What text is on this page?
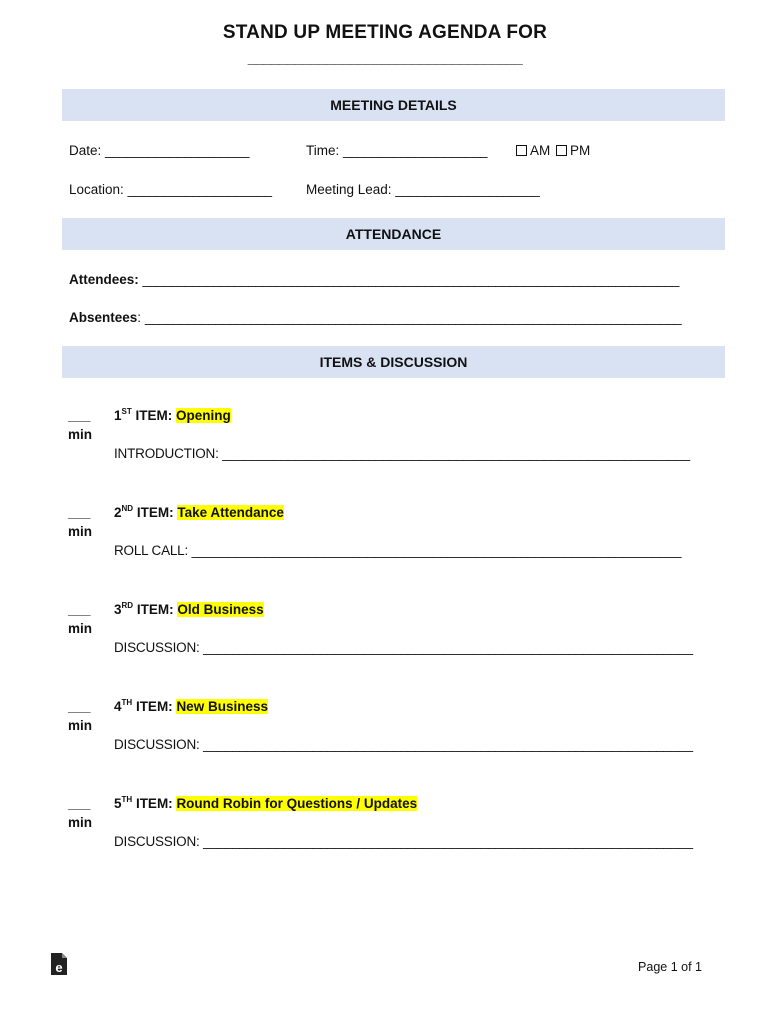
STAND UP MEETING AGENDA FOR
___________________________________
MEETING DETAILS
Date: ____________________	Time: ____________________	AM PM
Location: ____________________	Meeting Lead: ____________________
ATTENDANCE
Attendees: ____________________________________________________________________________
Absentees: ____________________________________________________________________________
ITEMS & DISCUSSION
___
min
1ST ITEM: Opening
INTRODUCTION: ________________________________________________________________
___
min
2ND ITEM: Take Attendance
ROLL CALL: ___________________________________________________________________
___
min
3RD ITEM: Old Business
DISCUSSION: ___________________________________________________________________
___
min
4TH ITEM: New Business
DISCUSSION: ___________________________________________________________________
___
min
5TH ITEM: Round Robin for Questions / Updates
DISCUSSION: ___________________________________________________________________
e	Page 1 of 1
